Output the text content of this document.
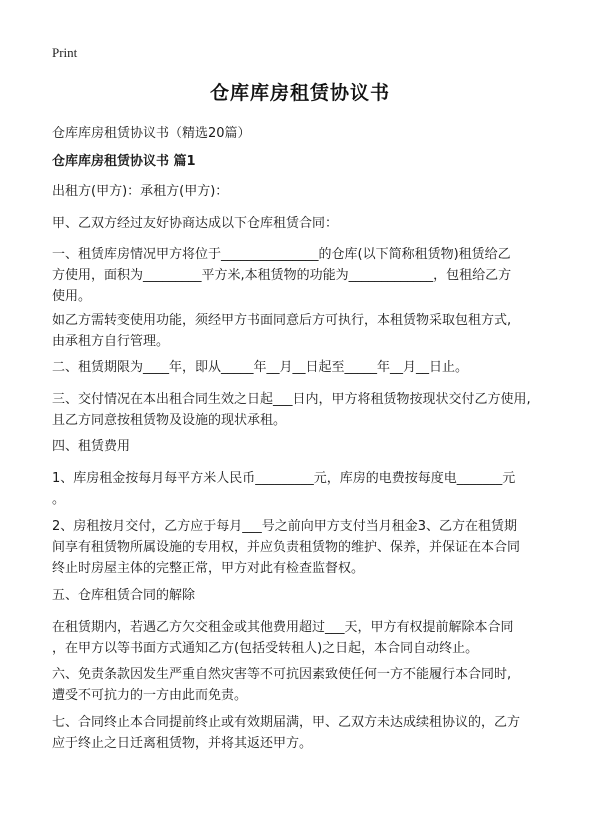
Print
仓库库房租赁协议书
仓库库房租赁协议书（精选20篇）
仓库库房租赁协议书 篇1
出租方(甲方)：承租方(甲方)：
甲、乙双方经过友好协商达成以下仓库租赁合同：
一、租赁库房情况甲方将位于_______________的仓库(以下简称租赁物)租赁给乙
方使用，面积为_________平方米,本租赁物的功能为_____________，包租给乙方
使用。
如乙方需转变使用功能，须经甲方书面同意后方可执行，本租赁物采取包租方式,
由承租方自行管理。
二、租赁期限为____年，即从_____年__月__日起至_____年__月__日止。
三、交付情况在本出租合同生效之日起___日内，甲方将租赁物按现状交付乙方使用,
且乙方同意按租赁物及设施的现状承租。
四、租赁费用
1、库房租金按每月每平方米人民币_________元，库房的电费按每度电_______元
。
2、房租按月交付，乙方应于每月___号之前向甲方支付当月租金3、乙方在租赁期
间享有租赁物所属设施的专用权，并应负责租赁物的维护、保养，并保证在本合同
终止时房屋主体的完整正常，甲方对此有检查监督权。
五、仓库租赁合同的解除
在租赁期内，若遇乙方欠交租金或其他费用超过___天，甲方有权提前解除本合同
，在甲方以等书面方式通知乙方(包括受转租人)之日起，本合同自动终止。
六、免责条款因发生严重自然灾害等不可抗因素致使任何一方不能履行本合同时,
遭受不可抗力的一方由此而免责。
七、合同终止本合同提前终止或有效期届满，甲、乙双方未达成续租协议的，乙方
应于终止之日迁离租赁物，并将其返还甲方。
